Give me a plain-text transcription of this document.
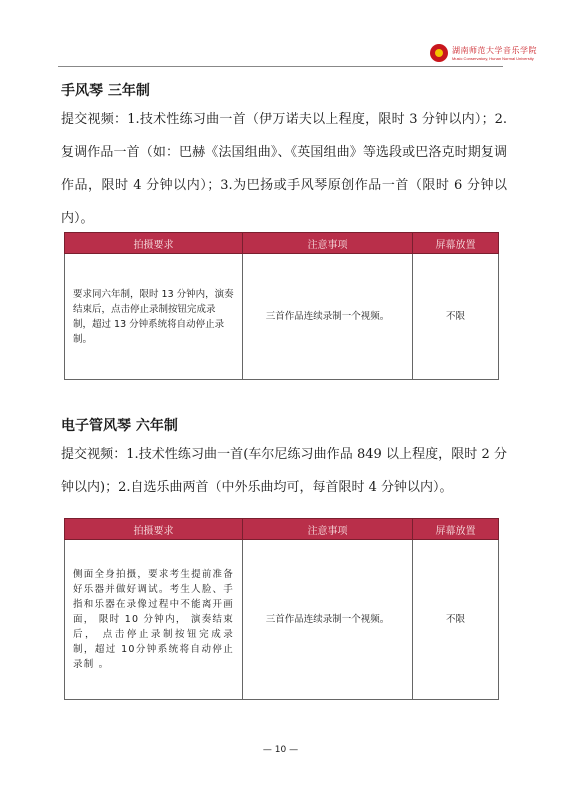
湖南师范大学音乐学院
Music Conservatory, Hunan Normal University
手风琴 三年制
提交视频：1.技术性练习曲一首（伊万诺夫以上程度，限时 3 分钟以内）；2.复调作品一首（如：巴赫《法国组曲》、《英国组曲》等选段或巴洛克时期复调作品，限时 4 分钟以内）；3.为巴扬或手风琴原创作品一首（限时 6 分钟以内）。
拍摄要求	注意事项	屏幕放置
要求同六年制，限时 13 分钟内，演奏结束后，点击停止录制按钮完成录制，超过 13 分钟系统将自动停止录制。	三首作品连续录制一个视频。	不限
电子管风琴 六年制
提交视频：1.技术性练习曲一首(车尔尼练习曲作品 849 以上程度，限时 2 分钟以内)；2.自选乐曲两首（中外乐曲均可，每首限时 4 分钟以内）。
拍摄要求	注意事项	屏幕放置
侧面全身拍摄，要求考生提前准备好乐器并做好调试。考生人脸、手指和乐器在录像过程中不能离开画面， 限时 10 分钟内， 演奏结束后， 点击停止录制按钮完成录制，超过 10分钟系统将自动停止录制 。	三首作品连续录制一个视频。	不限
— 10 —
